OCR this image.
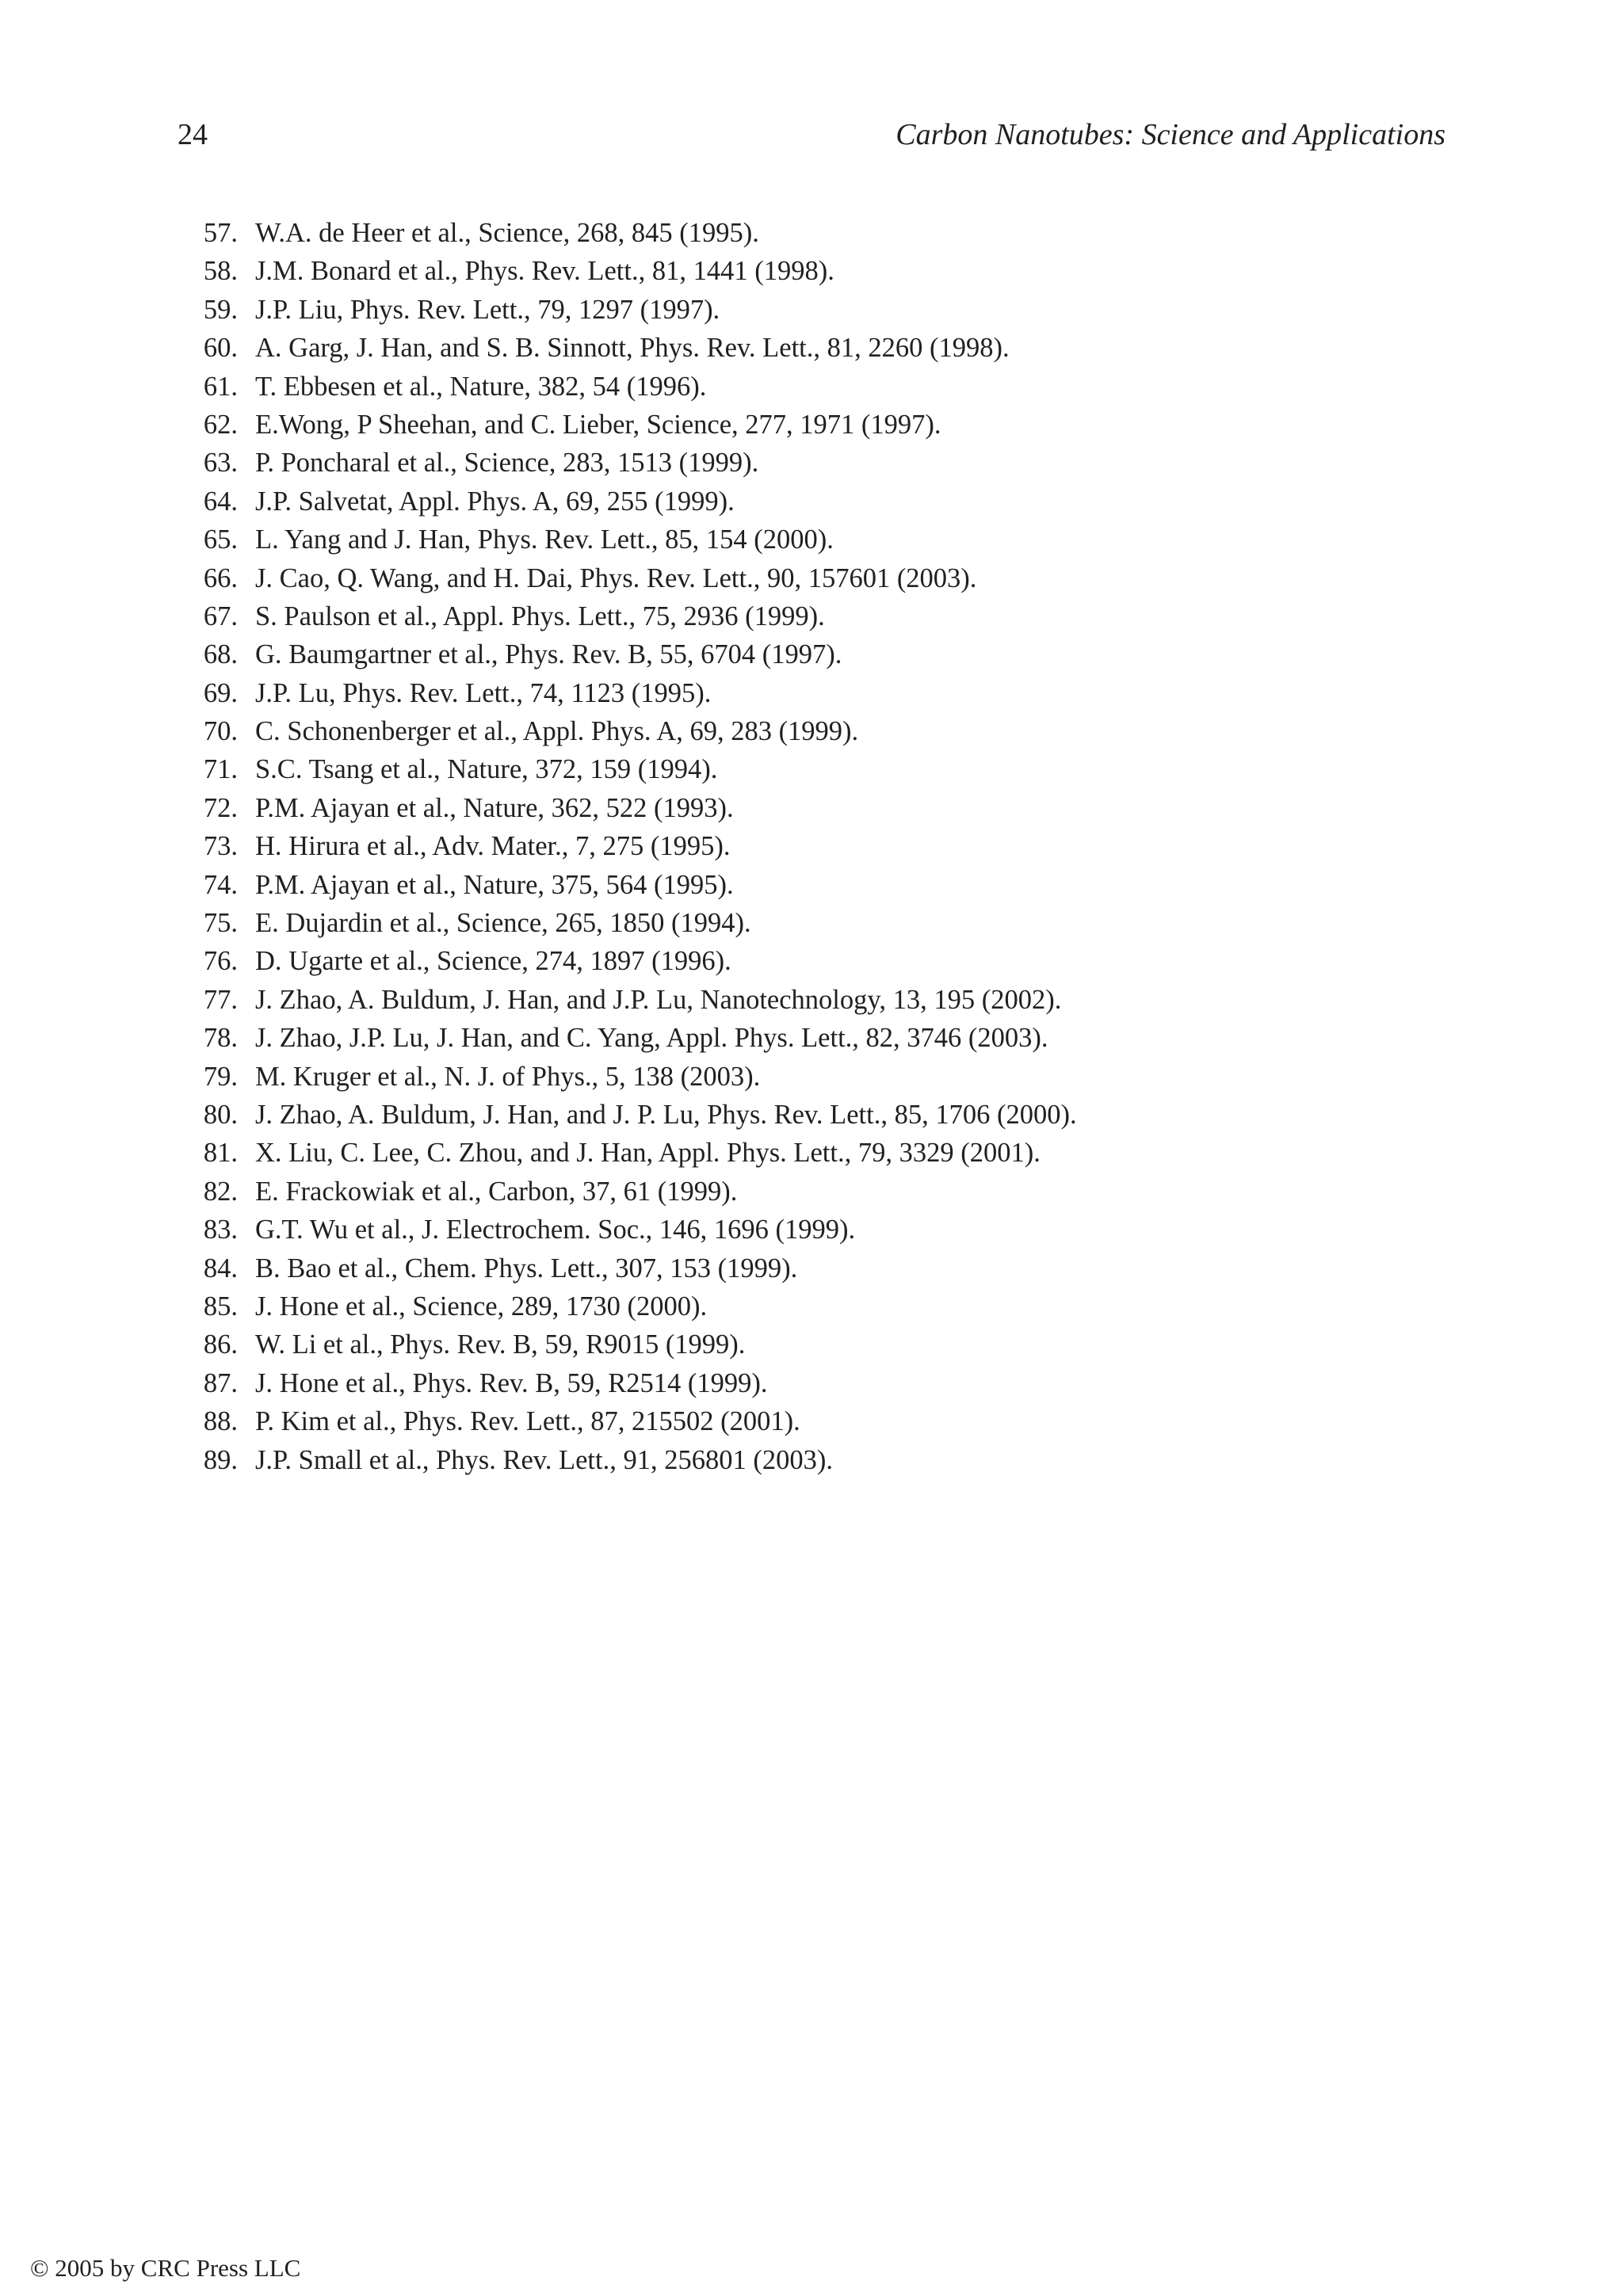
24	Carbon Nanotubes: Science and Applications
57. W.A. de Heer et al., Science, 268, 845 (1995).
58. J.M. Bonard et al., Phys. Rev. Lett., 81, 1441 (1998).
59. J.P. Liu, Phys. Rev. Lett., 79, 1297 (1997).
60. A. Garg, J. Han, and S. B. Sinnott, Phys. Rev. Lett., 81, 2260 (1998).
61. T. Ebbesen et al., Nature, 382, 54 (1996).
62. E.Wong, P Sheehan, and C. Lieber, Science, 277, 1971 (1997).
63. P. Poncharal et al., Science, 283, 1513 (1999).
64. J.P. Salvetat, Appl. Phys. A, 69, 255 (1999).
65. L. Yang and J. Han, Phys. Rev. Lett., 85, 154 (2000).
66. J. Cao, Q. Wang, and H. Dai, Phys. Rev. Lett., 90, 157601 (2003).
67. S. Paulson et al., Appl. Phys. Lett., 75, 2936 (1999).
68. G. Baumgartner et al., Phys. Rev. B, 55, 6704 (1997).
69. J.P. Lu, Phys. Rev. Lett., 74, 1123 (1995).
70. C. Schonenberger et al., Appl. Phys. A, 69, 283 (1999).
71. S.C. Tsang et al., Nature, 372, 159 (1994).
72. P.M. Ajayan et al., Nature, 362, 522 (1993).
73. H. Hirura et al., Adv. Mater., 7, 275 (1995).
74. P.M. Ajayan et al., Nature, 375, 564 (1995).
75. E. Dujardin et al., Science, 265, 1850 (1994).
76. D. Ugarte et al., Science, 274, 1897 (1996).
77. J. Zhao, A. Buldum, J. Han, and J.P. Lu, Nanotechnology, 13, 195 (2002).
78. J. Zhao, J.P. Lu, J. Han, and C. Yang, Appl. Phys. Lett., 82, 3746 (2003).
79. M. Kruger et al., N. J. of Phys., 5, 138 (2003).
80. J. Zhao, A. Buldum, J. Han, and J. P. Lu, Phys. Rev. Lett., 85, 1706 (2000).
81. X. Liu, C. Lee, C. Zhou, and J. Han, Appl. Phys. Lett., 79, 3329 (2001).
82. E. Frackowiak et al., Carbon, 37, 61 (1999).
83. G.T. Wu et al., J. Electrochem. Soc., 146, 1696 (1999).
84. B. Bao et al., Chem. Phys. Lett., 307, 153 (1999).
85. J. Hone et al., Science, 289, 1730 (2000).
86. W. Li et al., Phys. Rev. B, 59, R9015 (1999).
87. J. Hone et al., Phys. Rev. B, 59, R2514 (1999).
88. P. Kim et al., Phys. Rev. Lett., 87, 215502 (2001).
89. J.P. Small et al., Phys. Rev. Lett., 91, 256801 (2003).
© 2005 by CRC Press LLC
